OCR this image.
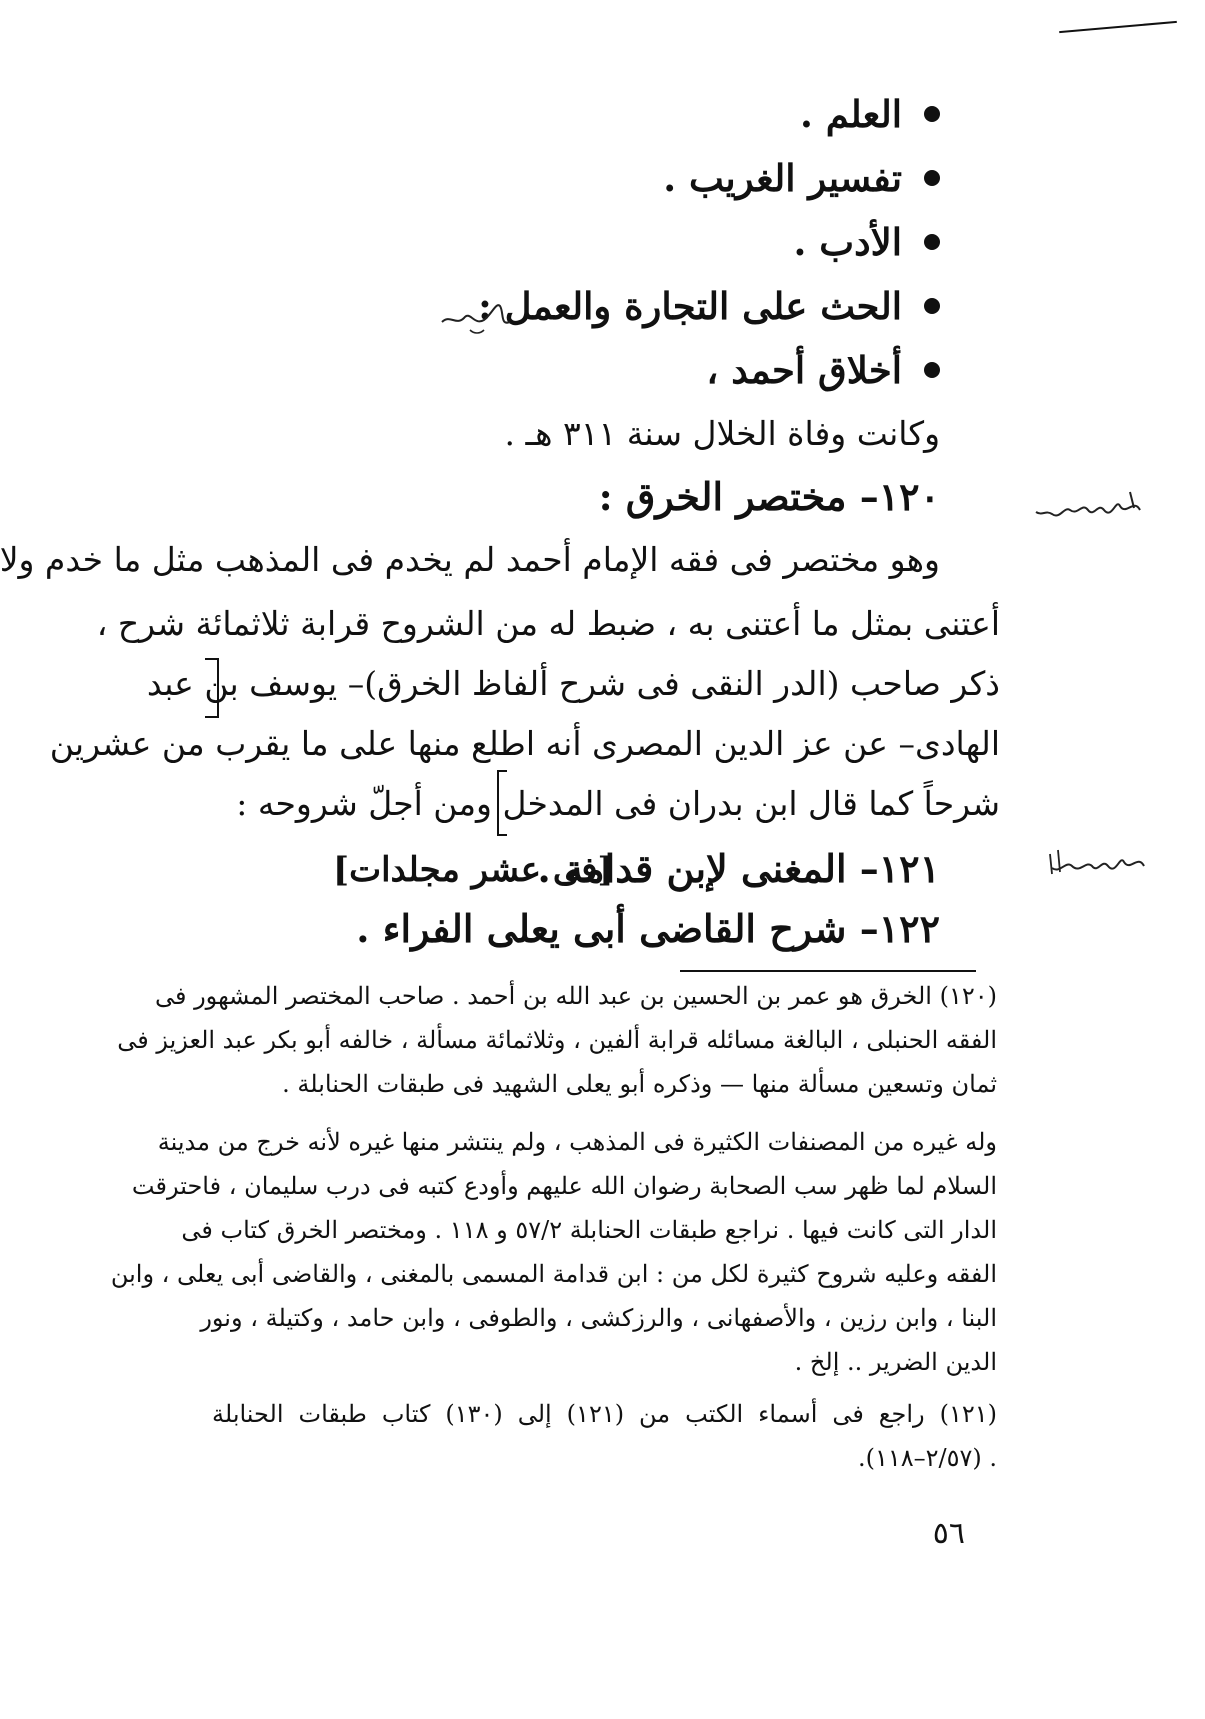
العلم .
تفسير الغريب .
الأدب .
الحث على التجارة والعمل :
أخلاق أحمد ،
وكانت وفاة الخلال سنة ٣١١ هـ .
١٢٠– مختصر الخرق :
وهو مختصر فى فقه الإمام أحمد لم يخدم فى المذهب مثل ما خدم ولا
أعتنى بمثل ما أعتنى به ، ضبط له من الشروح قرابة ثلاثمائة شرح ،
ذكر صاحب (الدر النقى فى شرح ألفاظ الخرق)– يوسف بن عبد
الهادى– عن عز الدين المصرى أنه اطلع منها على ما يقرب من عشرين
شرحاً كما قال ابن بدران فى المدخل ومن أجلّ شروحه :
١٢١– المغنى لإبن قدامة .
[فى عشر مجلدات]
١٢٢– شرح القاضى أبى يعلى الفراء .
(١٢٠) الخرق هو عمر بن الحسين بن عبد الله بن أحمد . صاحب المختصر المشهور فى
الفقه الحنبلى ، البالغة مسائله قرابة ألفين ، وثلاثمائة مسألة ، خالفه أبو بكر عبد العزيز فى
ثمان وتسعين مسألة منها — وذكره أبو يعلى الشهيد فى طبقات الحنابلة .
وله غيره من المصنفات الكثيرة فى المذهب ، ولم ينتشر منها غيره لأنه خرج من مدينة
السلام لما ظهر سب الصحابة رضوان الله عليهم وأودع كتبه فى درب سليمان ، فاحترقت
الدار التى كانت فيها . نراجع طبقات الحنابلة ٥٧/٢ و ١١٨ . ومختصر الخرق كتاب فى
الفقه وعليه شروح كثيرة لكل من : ابن قدامة المسمى بالمغنى ، والقاضى أبى يعلى ، وابن
البنا ، وابن رزين ، والأصفهانى ، والرزكشى ، والطوفى ، وابن حامد ، وكتيلة ، ونور
الدين الضرير .. إلخ .
(١٢١) راجع فى أسماء الكتب من (١٢١) إلى (١٣٠) كتاب طبقات الحنابلة
. (٢/٥٧–١١٨).
٥٦
